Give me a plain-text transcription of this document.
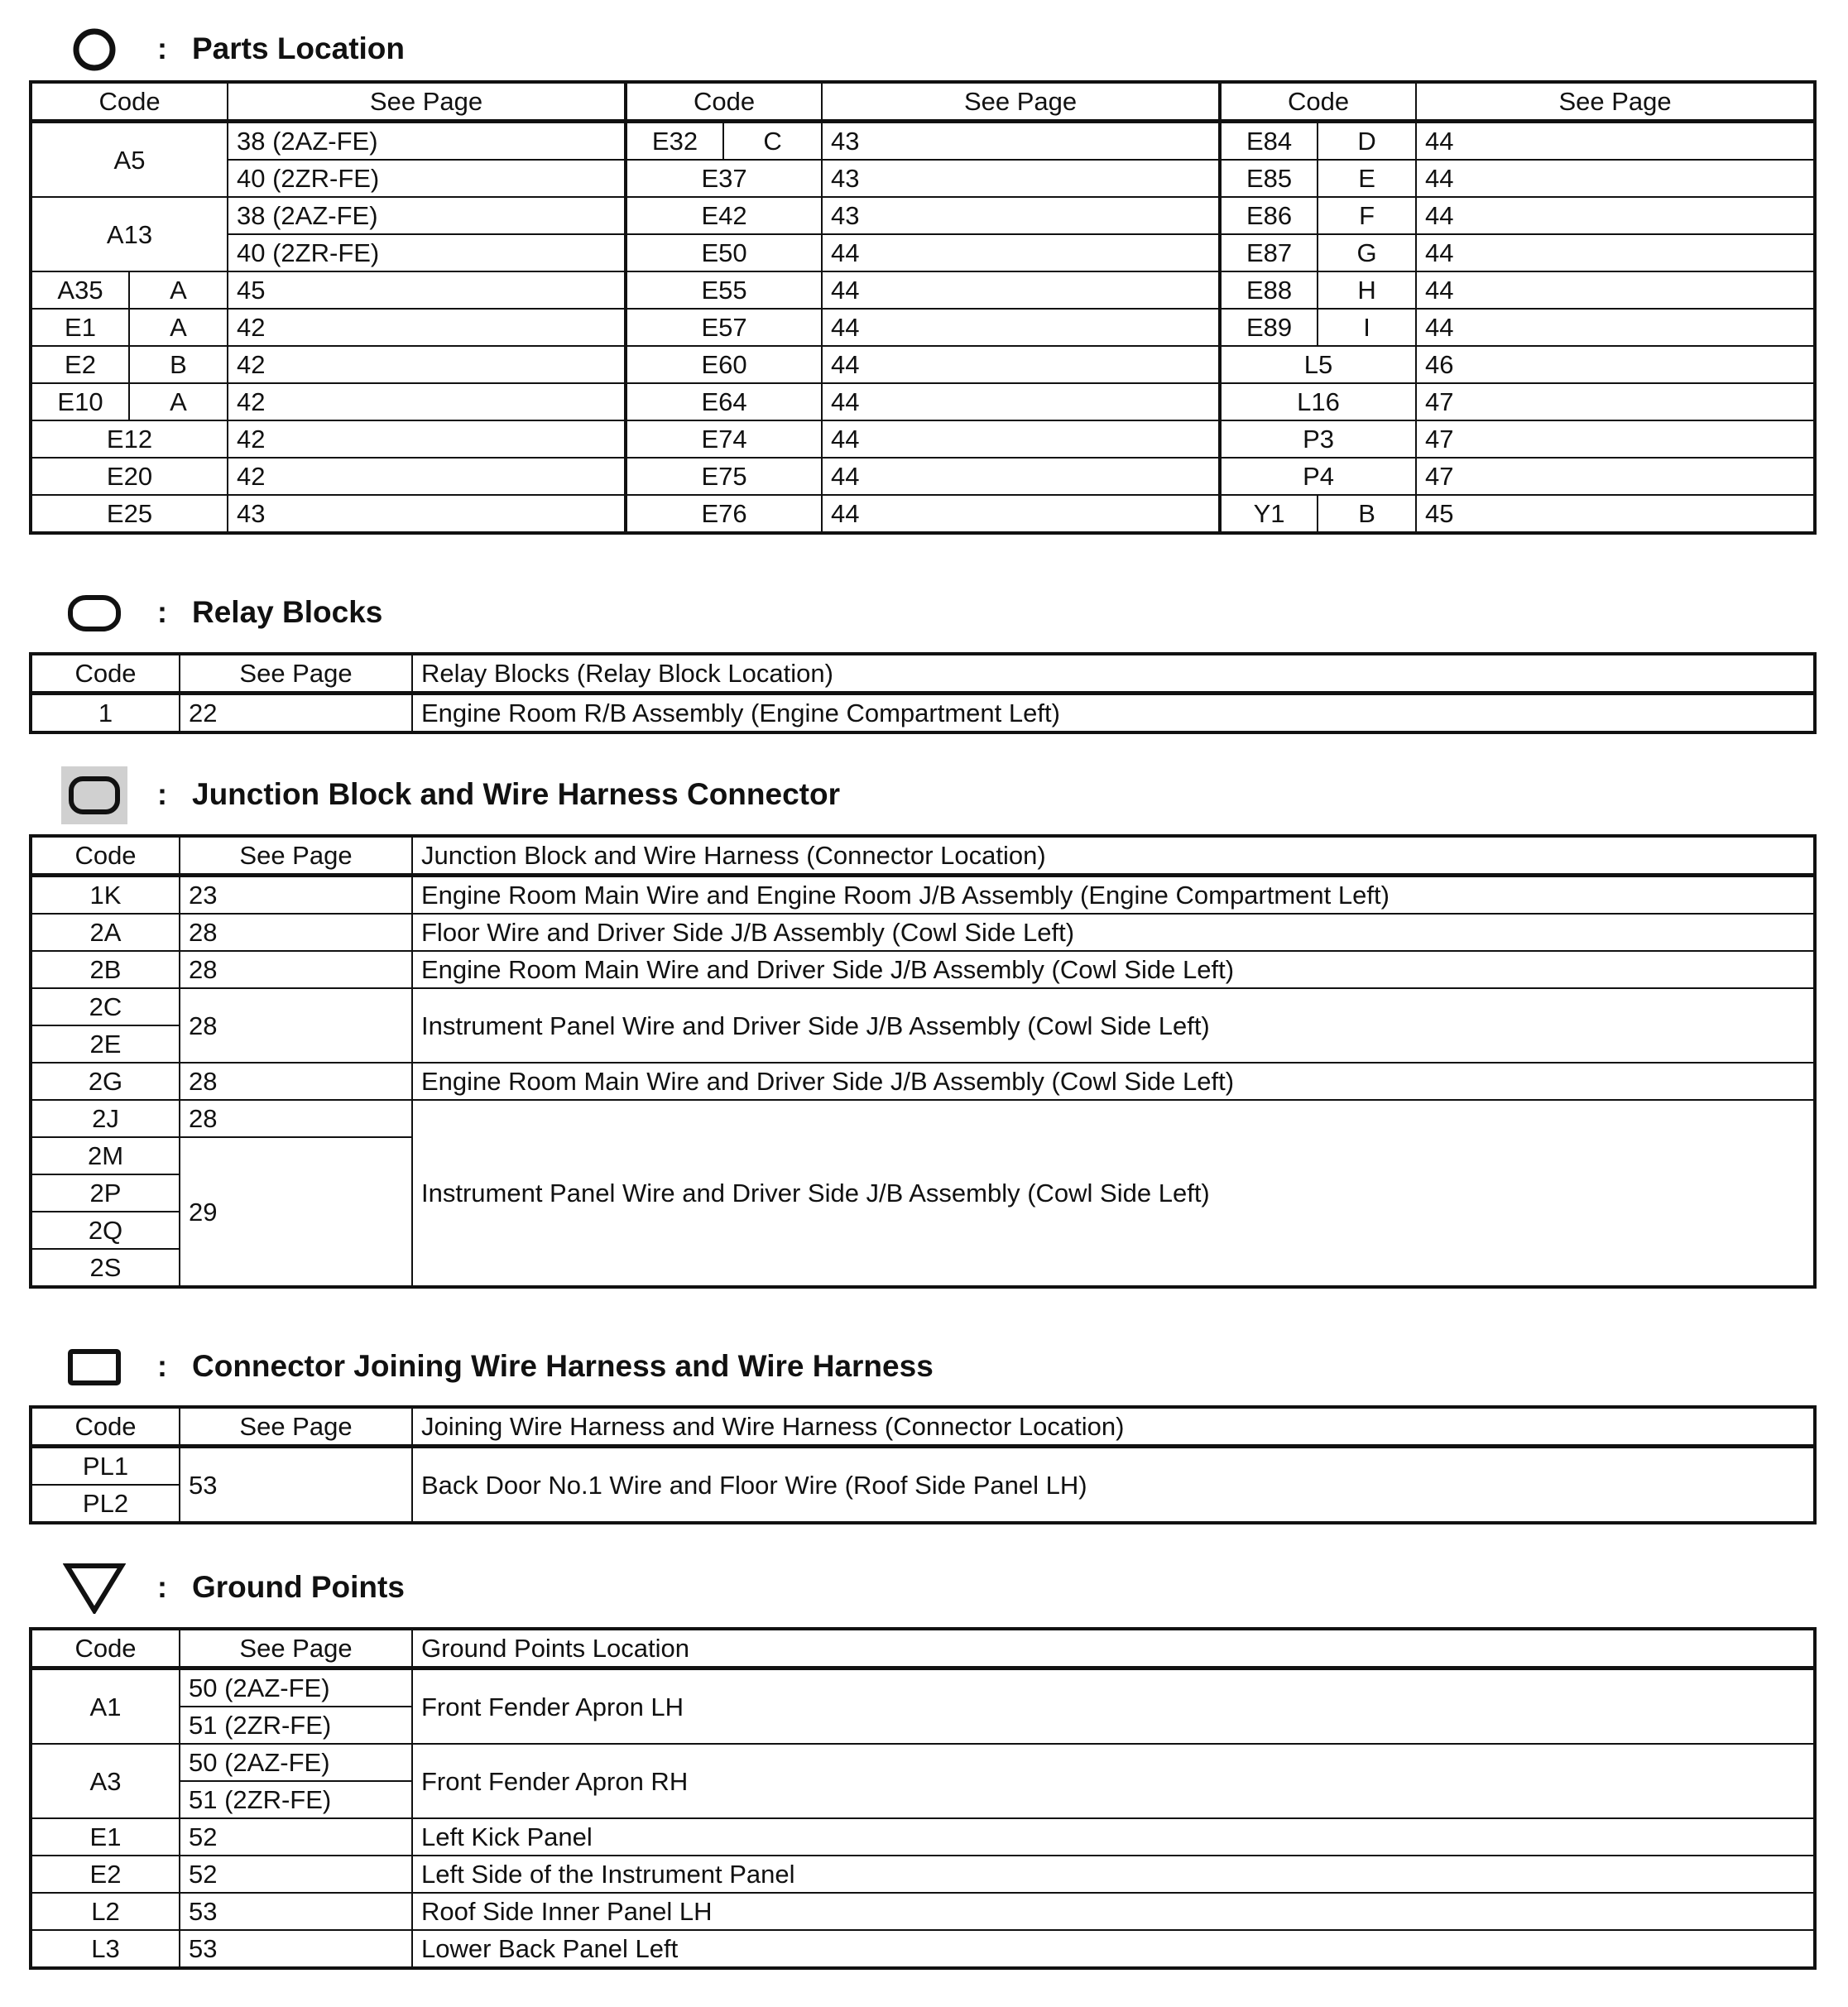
: Parts Location
Code		See Page	Code		See Page	Code		See Page
A5		38 (2AZ-FE)	E32	C	43	E84	D	44
		40 (2ZR-FE)	E37		43	E85	E	44
A13		38 (2AZ-FE)	E42		43	E86	F	44
		40 (2ZR-FE)	E50		44	E87	G	44
A35	A	45	E55		44	E88	H	44
E1	A	42	E57		44	E89	I	44
E2	B	42	E60		44	L5		46
E10	A	42	E64		44	L16		47
E12		42	E74		44	P3		47
E20		42	E75		44	P4		47
E25		43	E76		44	Y1	B	45
: Relay Blocks
Code	See Page	Relay Blocks (Relay Block Location)
1	22	Engine Room R/B Assembly (Engine Compartment Left)
: Junction Block and Wire Harness Connector
Code	See Page	Junction Block and Wire Harness (Connector Location)
1K	23	Engine Room Main Wire and Engine Room J/B Assembly (Engine Compartment Left)
2A	28	Floor Wire and Driver Side J/B Assembly (Cowl Side Left)
2B	28	Engine Room Main Wire and Driver Side J/B Assembly (Cowl Side Left)
2C	28	Instrument Panel Wire and Driver Side J/B Assembly (Cowl Side Left)
2E		
2G	28	Engine Room Main Wire and Driver Side J/B Assembly (Cowl Side Left)
2J	28	Instrument Panel Wire and Driver Side J/B Assembly (Cowl Side Left)
2M	29	
2P		
2Q		
2S		
: Connector Joining Wire Harness and Wire Harness
Code	See Page	Joining Wire Harness and Wire Harness (Connector Location)
PL1	53	Back Door No.1 Wire and Floor Wire (Roof Side Panel LH)
PL2		
: Ground Points
Code	See Page	Ground Points Location
A1	50 (2AZ-FE)	Front Fender Apron LH
	51 (2ZR-FE)	
A3	50 (2AZ-FE)	Front Fender Apron RH
	51 (2ZR-FE)	
E1	52	Left Kick Panel
E2	52	Left Side of the Instrument Panel
L2	53	Roof Side Inner Panel LH
L3	53	Lower Back Panel Left
